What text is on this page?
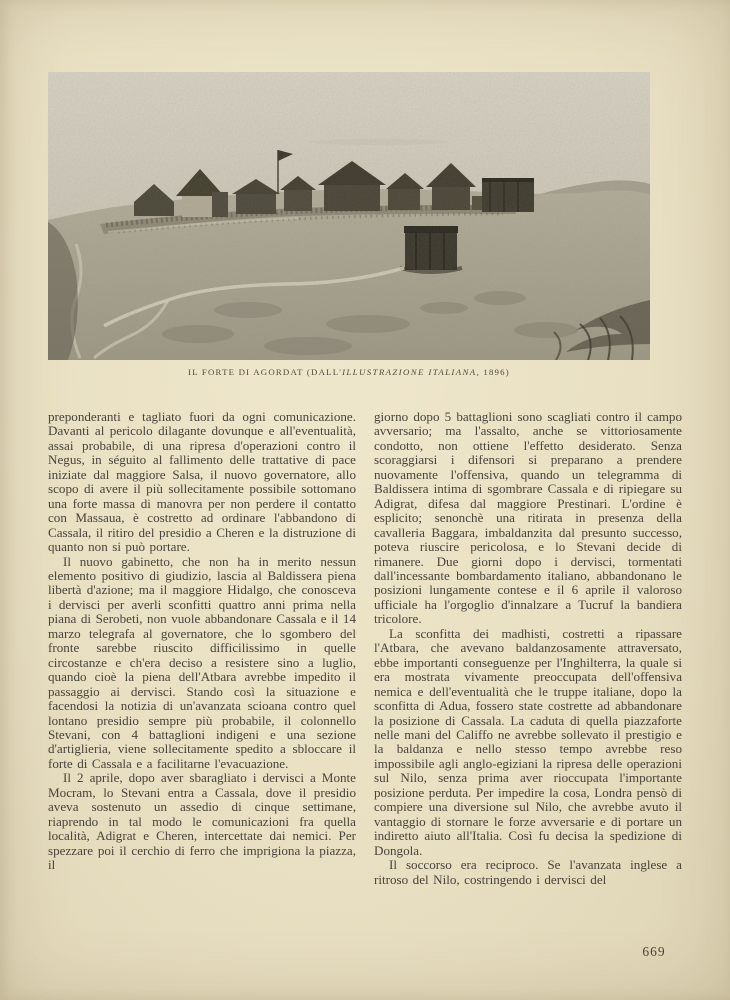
IL FORTE DI AGORDAT (DALL'ILLUSTRAZIONE ITALIANA, 1896)

preponderanti e tagliato fuori da ogni comunicazione. Davanti al pericolo dilagante dovunque e all'eventualità, assai probabile, di una ripresa d'operazioni contro il Negus, in séguito al fallimento delle trattative di pace iniziate dal maggiore Salsa, il nuovo governatore, allo scopo di avere il più sollecitamente possibile sottomano una forte massa di manovra per non perdere il contatto con Massaua, è costretto ad ordinare l'abbandono di Cassala, il ritiro del presidio a Cheren e la distruzione di quanto non si può portare.

Il nuovo gabinetto, che non ha in merito nessun elemento positivo di giudizio, lascia al Baldissera piena libertà d'azione; ma il maggiore Hidalgo, che conosceva i dervisci per averli sconfitti quattro anni prima nella piana di Serobeti, non vuole abbandonare Cassala e il 14 marzo telegrafa al governatore, che lo sgombero del fronte sarebbe riuscito difficilissimo in quelle circostanze e ch'era deciso a resistere sino a luglio, quando cioè la piena dell'Atbara avrebbe impedito il passaggio ai dervisci. Stando così la situazione e facendosi la notizia di un'avanzata scioana contro quel lontano presidio sempre più probabile, il colonnello Stevani, con 4 battaglioni indigeni e una sezione d'artiglieria, viene sollecitamente spedito a sbloccare il forte di Cassala e a facilitarne l'evacuazione.

Il 2 aprile, dopo aver sbaragliato i dervisci a Monte Mocram, lo Stevani entra a Cassala, dove il presidio aveva sostenuto un assedio di cinque settimane, riaprendo in tal modo le comunicazioni fra quella località, Adigrat e Cheren, intercettate dai nemici. Per spezzare poi il cerchio di ferro che imprigiona la piazza, il

giorno dopo 5 battaglioni sono scagliati contro il campo avversario; ma l'assalto, anche se vittoriosamente condotto, non ottiene l'effetto desiderato. Senza scoraggiarsi i difensori si preparano a prendere nuovamente l'offensiva, quando un telegramma di Baldissera intima di sgombrare Cassala e di ripiegare su Adigrat, difesa dal maggiore Prestinari. L'ordine è esplicito; senonchè una ritirata in presenza della cavalleria Baggara, imbaldanzita dal presunto successo, poteva riuscire pericolosa, e lo Stevani decide di rimanere. Due giorni dopo i dervisci, tormentati dall'incessante bombardamento italiano, abbandonano le posizioni lungamente contese e il 6 aprile il valoroso ufficiale ha l'orgoglio d'innalzare a Tucruf la bandiera tricolore.

La sconfitta dei madhisti, costretti a ripassare l'Atbara, che avevano baldanzosamente attraversato, ebbe importanti conseguenze per l'Inghilterra, la quale si era mostrata vivamente preoccupata dell'offensiva nemica e dell'eventualità che le truppe italiane, dopo la sconfitta di Adua, fossero state costrette ad abbandonare la posizione di Cassala. La caduta di quella piazzaforte nelle mani del Califfo ne avrebbe sollevato il prestigio e la baldanza e nello stesso tempo avrebbe reso impossibile agli anglo-egiziani la ripresa delle operazioni sul Nilo, senza prima aver rioccupata l'importante posizione perduta. Per impedire la cosa, Londra pensò di compiere una diversione sul Nilo, che avrebbe avuto il vantaggio di stornare le forze avversarie e di portare un indiretto aiuto all'Italia. Così fu decisa la spedizione di Dongola.

Il soccorso era reciproco. Se l'avanzata inglese a ritroso del Nilo, costringendo i dervisci del

669
